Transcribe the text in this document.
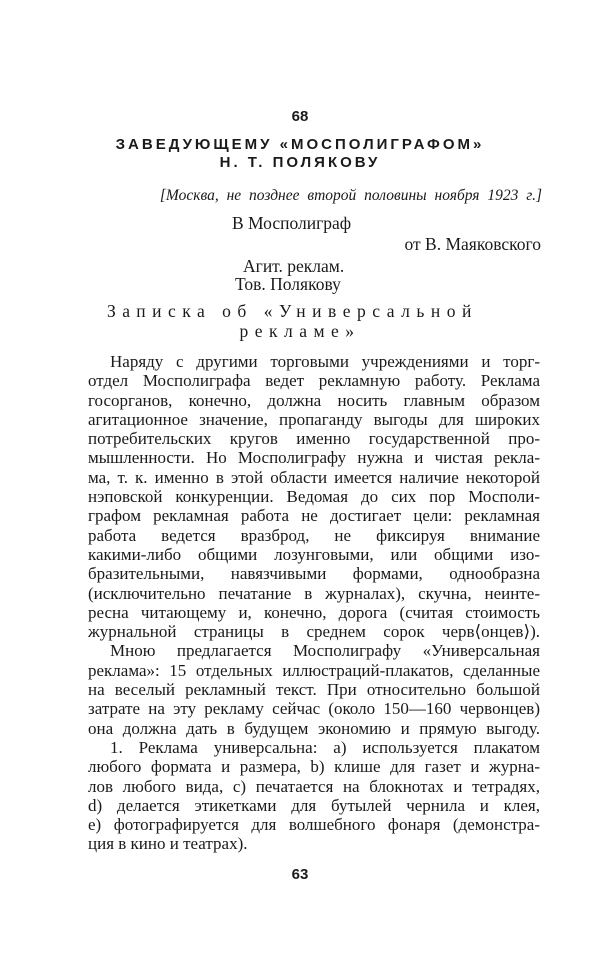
68
ЗАВЕДУЮЩЕМУ «МОСПОЛИГРАФОМ»
Н. Т. ПОЛЯКОВУ
[Москва, не позднее второй половины ноября 1923 г.]
В Мосполиграф
от В. Маяковского
Агит. реклам.
Тов. Полякову
Записка об «Универсальной
рекламе»
Наряду с другими торговыми учреждениями и торг-
отдел Мосполиграфа ведет рекламную работу. Реклама
госорганов, конечно, должна носить главным образом
агитационное значение, пропаганду выгоды для широких
потребительских кругов именно государственной про-
мышленности. Но Мосполиграфу нужна и чистая рекла-
ма, т. к. именно в этой области имеется наличие некоторой
нэповской конкуренции. Ведомая до сих пор Мосполи-
графом рекламная работа не достигает цели: рекламная
работа ведется вразброд, не фиксируя внимание
какими-либо общими лозунговыми, или общими изо-
бразительными, навязчивыми формами, однообразна
(исключительно печатание в журналах), скучна, неинте-
ресна читающему и, конечно, дорога (считая стоимость
журнальной страницы в среднем сорок черв⟨онцев⟩).
Мною предлагается Мосполиграфу «Универсальная
реклама»: 15 отдельных иллюстраций-плакатов, сделанные
на веселый рекламный текст. При относительно большой
затрате на эту рекламу сейчас (около 150—160 червонцев)
она должна дать в будущем экономию и прямую выгоду.
1. Реклама универсальна: а) используется плакатом
любого формата и размера, b) клише для газет и журна-
лов любого вида, с) печатается на блокнотах и тетрадях,
d) делается этикетками для бутылей чернила и клея,
е) фотографируется для волшебного фонаря (демонстра-
ция в кино и театрах).
63
